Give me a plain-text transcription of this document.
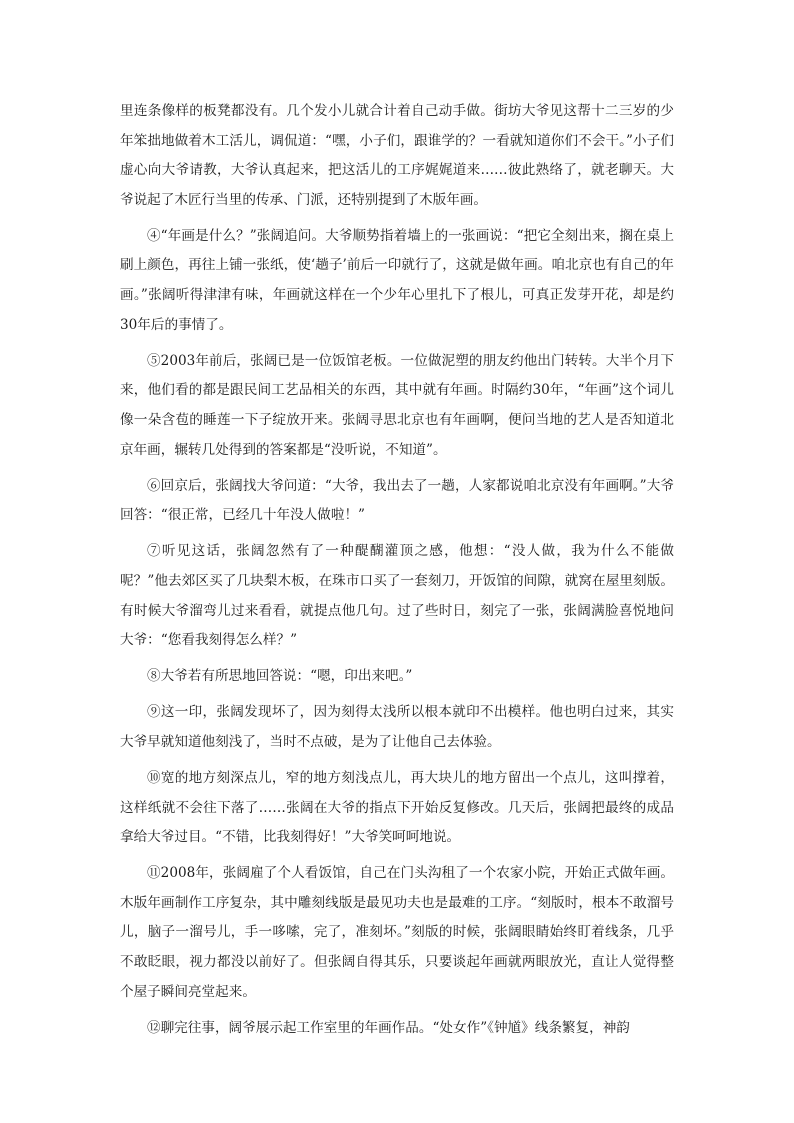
里连条像样的板凳都没有。几个发小儿就合计着自己动手做。街坊大爷见这帮十二三岁的少年笨拙地做着木工活儿，调侃道：“嘿，小子们，跟谁学的？一看就知道你们不会干。”小子们虚心向大爷请教，大爷认真起来，把这活儿的工序娓娓道来……彼此熟络了，就老聊天。大爷说起了木匠行当里的传承、门派，还特别提到了木版年画。

④“年画是什么？”张阔追问。大爷顺势指着墙上的一张画说：“把它全刻出来，搁在桌上刷上颜色，再往上铺一张纸，使‘趟子’前后一印就行了，这就是做年画。咱北京也有自己的年画。”张阔听得津津有味，年画就这样在一个少年心里扎下了根儿，可真正发芽开花，却是约30年后的事情了。

⑤2003年前后，张阔已是一位饭馆老板。一位做泥塑的朋友约他出门转转。大半个月下来，他们看的都是跟民间工艺品相关的东西，其中就有年画。时隔约30年，“年画”这个词儿像一朵含苞的睡莲一下子绽放开来。张阔寻思北京也有年画啊，便问当地的艺人是否知道北京年画，辗转几处得到的答案都是“没听说，不知道”。

⑥回京后，张阔找大爷问道：“大爷，我出去了一趟，人家都说咱北京没有年画啊。”大爷回答：“很正常，已经几十年没人做啦！”

⑦听见这话，张阔忽然有了一种醍醐灌顶之感，他想：“没人做，我为什么不能做呢？”他去郊区买了几块梨木板，在珠市口买了一套刻刀，开饭馆的间隙，就窝在屋里刻版。有时候大爷溜弯儿过来看看，就提点他几句。过了些时日，刻完了一张，张阔满脸喜悦地问大爷：“您看我刻得怎么样？”

⑧大爷若有所思地回答说：“嗯，印出来吧。”

⑨这一印，张阔发现坏了，因为刻得太浅所以根本就印不出模样。他也明白过来，其实大爷早就知道他刻浅了，当时不点破，是为了让他自己去体验。

⑩宽的地方刻深点儿，窄的地方刻浅点儿，再大块儿的地方留出一个点儿，这叫撑着，这样纸就不会往下落了……张阔在大爷的指点下开始反复修改。几天后，张阔把最终的成品拿给大爷过目。“不错，比我刻得好！”大爷笑呵呵地说。

⑪2008年，张阔雇了个人看饭馆，自己在门头沟租了一个农家小院，开始正式做年画。木版年画制作工序复杂，其中雕刻线版是最见功夫也是最难的工序。“刻版时，根本不敢溜号儿，脑子一溜号儿，手一哆嗦，完了，准刻坏。”刻版的时候，张阔眼睛始终盯着线条，几乎不敢眨眼，视力都没以前好了。但张阔自得其乐，只要谈起年画就两眼放光，直让人觉得整个屋子瞬间亮堂起来。

⑫聊完往事，阔爷展示起工作室里的年画作品。“处女作”《钟馗》线条繁复，神韵
